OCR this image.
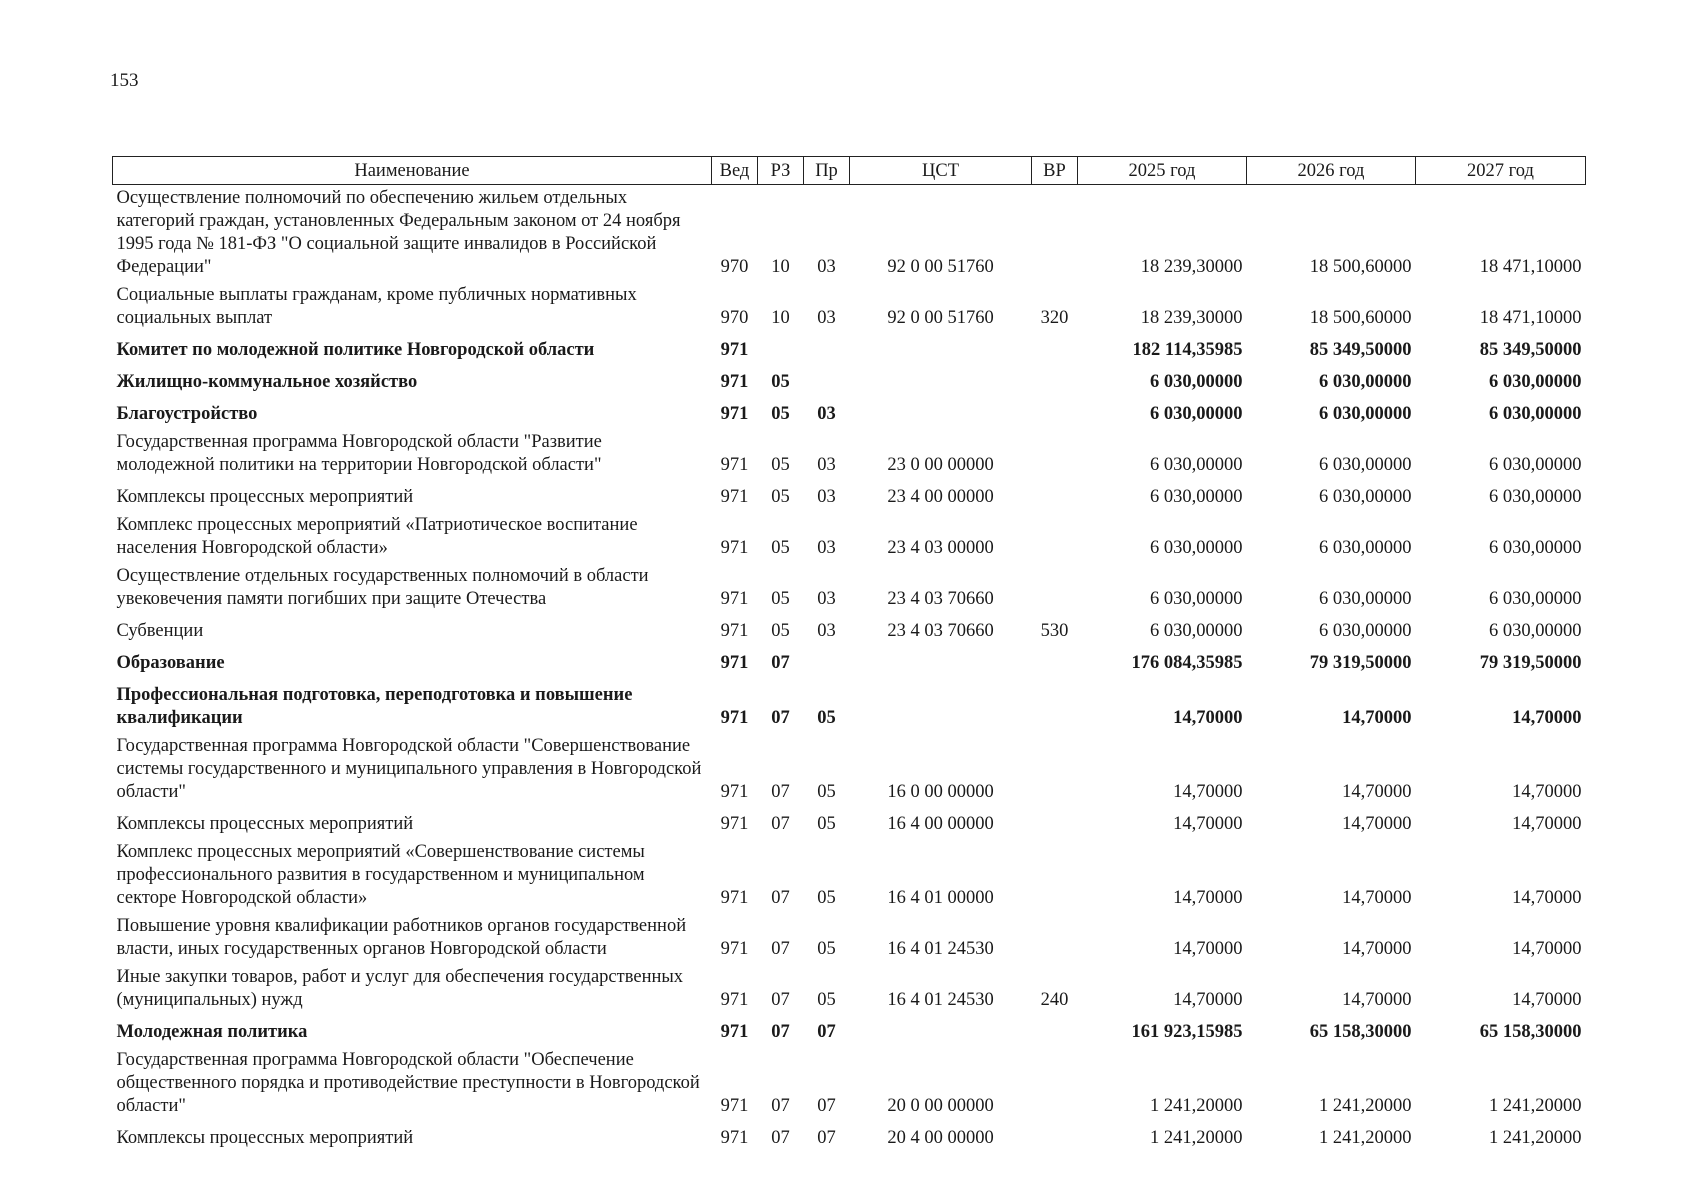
153
Наименование	Вед	РЗ	Пр	ЦСТ	ВР	2025 год	2026 год	2027 год
Осуществление полномочий по обеспечению жильем отдельных категорий граждан, установленных Федеральным законом от 24 ноября 1995 года № 181-ФЗ "О социальной защите инвалидов в Российской Федерации"	970	10	03	92 0 00 51760		18 239,30000	18 500,60000	18 471,10000
Социальные выплаты гражданам, кроме публичных нормативных социальных выплат	970	10	03	92 0 00 51760	320	18 239,30000	18 500,60000	18 471,10000
Комитет по молодежной политике Новгородской области	971					182 114,35985	85 349,50000	85 349,50000
Жилищно-коммунальное хозяйство	971	05				6 030,00000	6 030,00000	6 030,00000
Благоустройство	971	05	03			6 030,00000	6 030,00000	6 030,00000
Государственная программа Новгородской области "Развитие молодежной политики на территории Новгородской области"	971	05	03	23 0 00 00000		6 030,00000	6 030,00000	6 030,00000
Комплексы процессных мероприятий	971	05	03	23 4 00 00000		6 030,00000	6 030,00000	6 030,00000
Комплекс процессных мероприятий «Патриотическое воспитание населения Новгородской области»	971	05	03	23 4 03 00000		6 030,00000	6 030,00000	6 030,00000
Осуществление отдельных государственных полномочий в области увековечения памяти погибших при защите Отечества	971	05	03	23 4 03 70660		6 030,00000	6 030,00000	6 030,00000
Субвенции	971	05	03	23 4 03 70660	530	6 030,00000	6 030,00000	6 030,00000
Образование	971	07				176 084,35985	79 319,50000	79 319,50000
Профессиональная подготовка, переподготовка и повышение квалификации	971	07	05			14,70000	14,70000	14,70000
Государственная программа Новгородской области "Совершенствование системы государственного и муниципального управления в Новгородской области"	971	07	05	16 0 00 00000		14,70000	14,70000	14,70000
Комплексы процессных мероприятий	971	07	05	16 4 00 00000		14,70000	14,70000	14,70000
Комплекс процессных мероприятий «Совершенствование системы профессионального развития в государственном и муниципальном секторе Новгородской области»	971	07	05	16 4 01 00000		14,70000	14,70000	14,70000
Повышение уровня квалификации работников органов государственной власти, иных государственных органов Новгородской области	971	07	05	16 4 01 24530		14,70000	14,70000	14,70000
Иные закупки товаров, работ и услуг для обеспечения государственных (муниципальных) нужд	971	07	05	16 4 01 24530	240	14,70000	14,70000	14,70000
Молодежная политика	971	07	07			161 923,15985	65 158,30000	65 158,30000
Государственная программа Новгородской области "Обеспечение общественного порядка и противодействие преступности в Новгородской области"	971	07	07	20 0 00 00000		1 241,20000	1 241,20000	1 241,20000
Комплексы процессных мероприятий	971	07	07	20 4 00 00000		1 241,20000	1 241,20000	1 241,20000
